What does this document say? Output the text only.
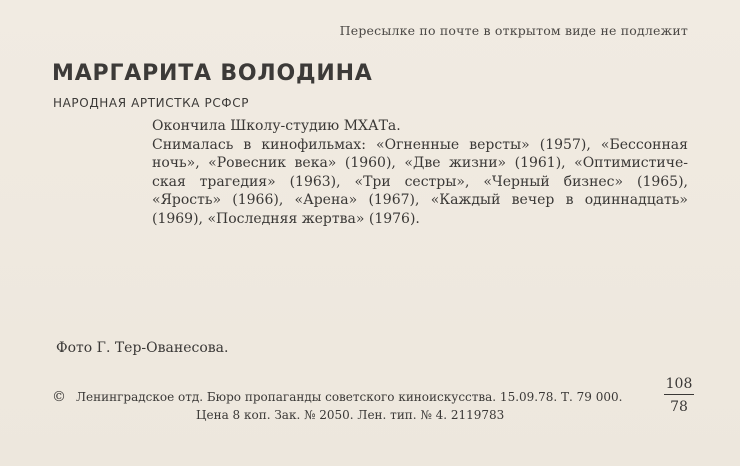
Пересылке по почте в открытом виде не подлежит
МАРГАРИТА ВОЛОДИНА
НАРОДНАЯ АРТИСТКА РСФСР
Окончила Школу-студию МХАТа.
Снималась в кинофильмах: «Огненные версты» (1957), «Бессонная
ночь», «Ровесник века» (1960), «Две жизни» (1961), «Оптимистиче-
ская трагедия» (1963), «Три сестры», «Черный бизнес» (1965),
«Ярость» (1966), «Арена» (1967), «Каждый вечер в одиннадцать»
(1969), «Последняя жертва» (1976).
Фото Г. Тер-Ованесова.
© Ленинградское отд. Бюро пропаганды советского киноискусства. 15.09.78. Т. 79 000.
Цена 8 коп. Зак. № 2050. Лен. тип. № 4. 2119783	$\frac{108}{78}$
